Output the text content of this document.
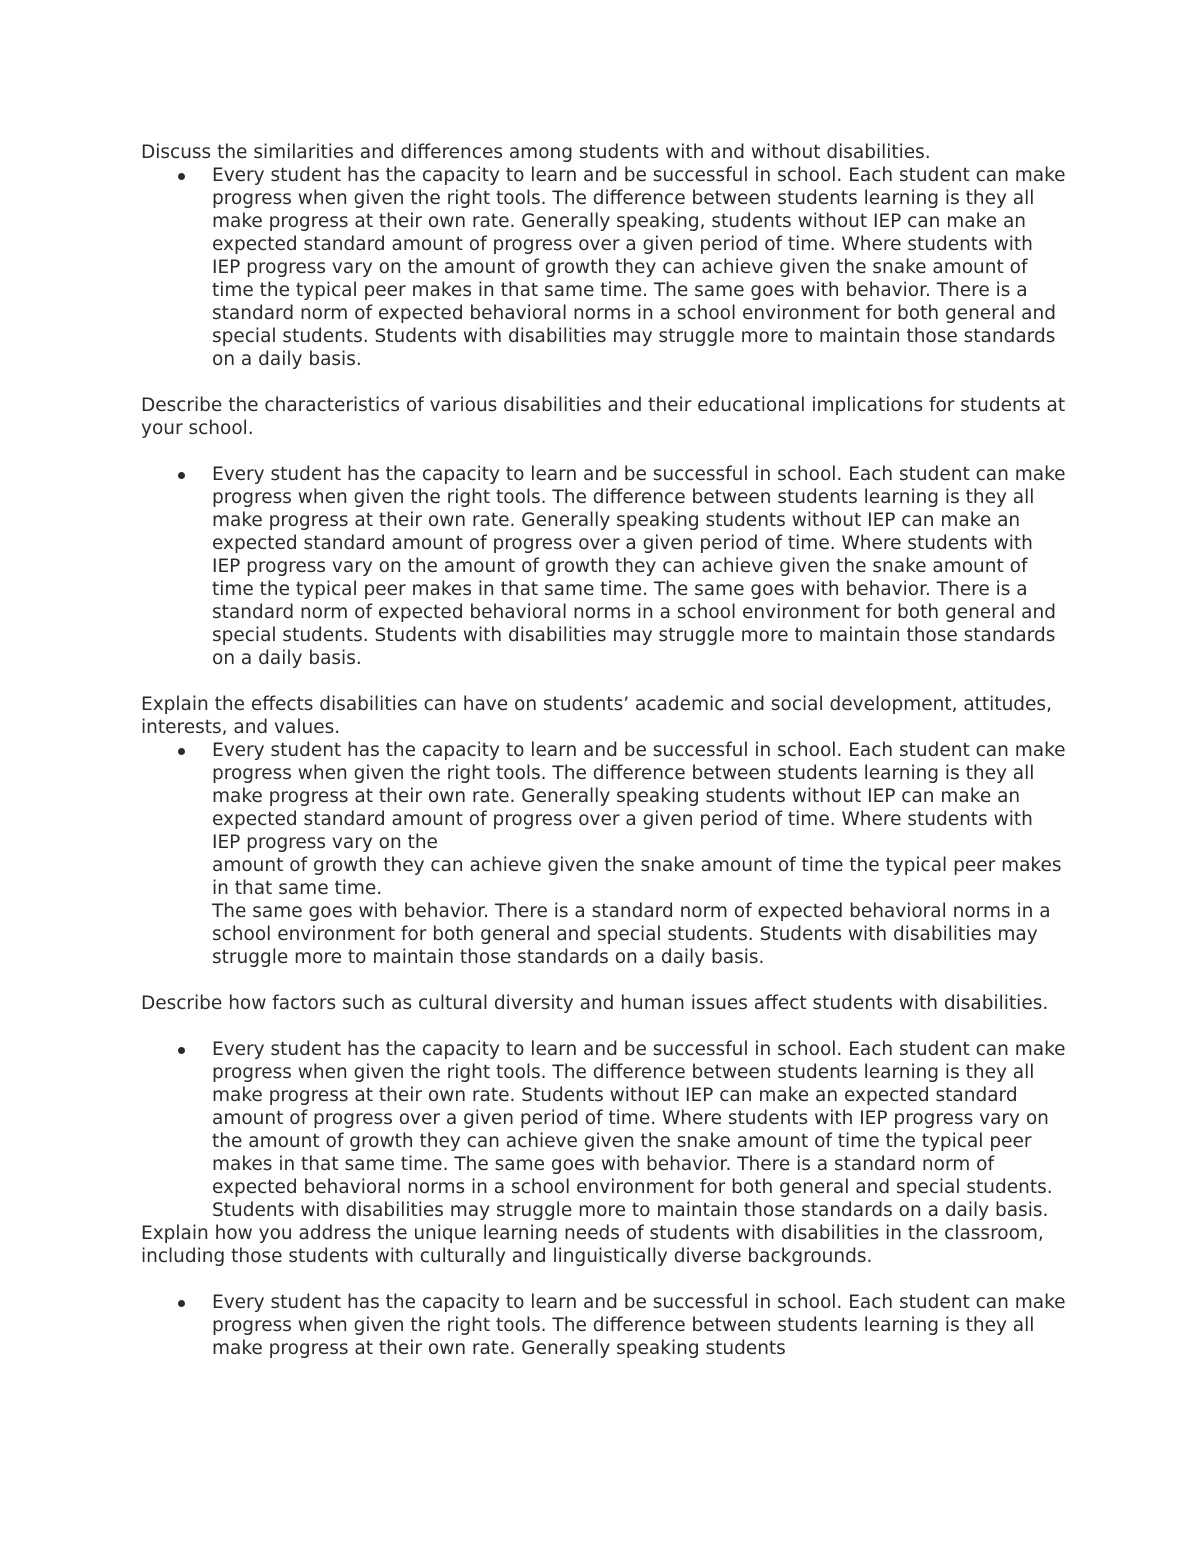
Discuss the similarities and differences among students with and without disabilities.

Every student has the capacity to learn and be successful in school. Each student can make progress when given the right tools. The difference between students learning is they all make progress at their own rate. Generally speaking, students without IEP can make an expected standard amount of progress over a given period of time. Where students with IEP progress vary on the amount of growth they can achieve given the snake amount of time the typical peer makes in that same time. The same goes with behavior. There is a standard norm of expected behavioral norms in a school environment for both general and special students. Students with disabilities may struggle more to maintain those standards on a daily basis.

Describe the characteristics of various disabilities and their educational implications for students at your school.

Every student has the capacity to learn and be successful in school. Each student can make progress when given the right tools. The difference between students learning is they all make progress at their own rate. Generally speaking students without IEP can make an expected standard amount of progress over a given period of time. Where students with IEP progress vary on the amount of growth they can achieve given the snake amount of time the typical peer makes in that same time. The same goes with behavior. There is a standard norm of expected behavioral norms in a school environment for both general and special students. Students with disabilities may struggle more to maintain those standards on a daily basis.

Explain the effects disabilities can have on students’ academic and social development, attitudes, interests, and values.

Every student has the capacity to learn and be successful in school. Each student can make progress when given the right tools. The difference between students learning is they all make progress at their own rate. Generally speaking students without IEP can make an expected standard amount of progress over a given period of time. Where students with IEP progress vary on the
amount of growth they can achieve given the snake amount of time the typical peer makes in that same time.
The same goes with behavior. There is a standard norm of expected behavioral norms in a school environment for both general and special students. Students with disabilities may struggle more to maintain those standards on a daily basis.

Describe how factors such as cultural diversity and human issues affect students with disabilities.

Every student has the capacity to learn and be successful in school. Each student can make progress when given the right tools. The difference between students learning is they all make progress at their own rate. Students without IEP can make an expected standard amount of progress over a given period of time. Where students with IEP progress vary on the amount of growth they can achieve given the snake amount of time the typical peer makes in that same time. The same goes with behavior. There is a standard norm of expected behavioral norms in a school environment for both general and special students. Students with disabilities may struggle more to maintain those standards on a daily basis.

Explain how you address the unique learning needs of students with disabilities in the classroom, including those students with culturally and linguistically diverse backgrounds.

Every student has the capacity to learn and be successful in school. Each student can make progress when given the right tools. The difference between students learning is they all make progress at their own rate. Generally speaking students
